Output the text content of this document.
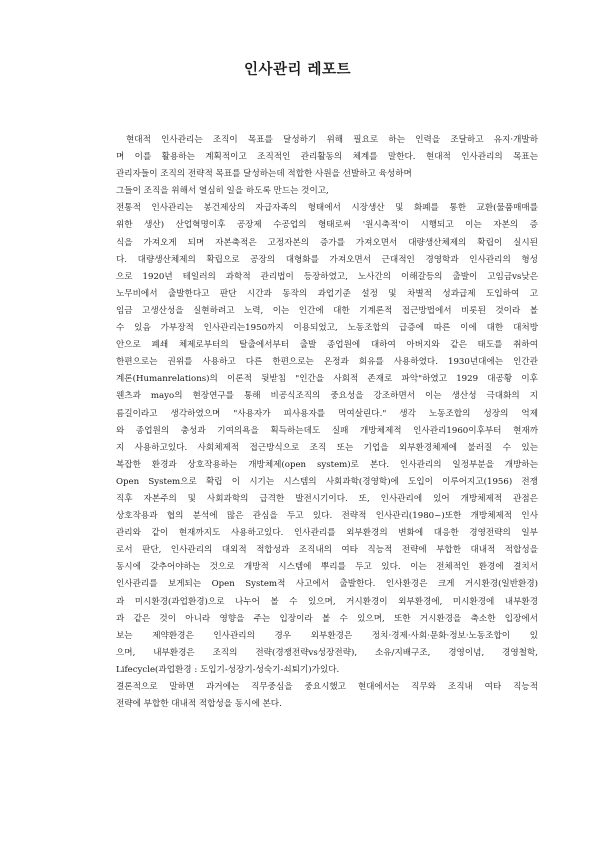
인사관리 레포트
현대적 인사관리는 조직이 목표를 달성하기 위해 필요로 하는 인력을 조달하고 유지·개발하
며 이를 활용하는 계획적이고 조직적인 관리활동의 체계를 말한다. 현대적 인사관리의 목표는
관리자들이 조직의 전략적 목표를 달성하는데 적합한 사원을 선발하고 육성하며
그들이 조직을 위해서 열심히 일을 하도록 만드는 것이고,
전통적 인사관리는 봉건제상의 자급자족의 형태에서 시장생산 및 화폐를 통한 교환(물품매매를
위한 생산) 산업혁명이후 공장제 수공업의 형태로써 '원시축적'이 시행되고 이는 자본의 증
식을 가져오게 되며 자본축적은 고정자본의 증가를 가져오면서 대량생산체제의 확립이 실시된
다. 대량생산체제의 확립으로 공장의 대형화를 가져오면서 근대적인 경영학과 인사관리의 형성
으로 1920년 테일러의 과학적 관리법이 등장하였고, 노사간의 이해갈등의 출발이 고임금vs낮은
노무비에서 출발한다고 판단 시간과 동작의 과업기준 설정 및 차별적 성과급제 도입하여 고
임금 고생산성을 실현하려고 노력, 이는 인간에 대한 기계론적 접근방법에서 비롯된 것이라 볼
수 있음 가부장적 인사관리는1950까지 이용되었고, 노동조합의 급증에 따른 이에 대한 대처방
안으로 폐쇄 체제로부터의 탈출에서부터 출발 종업원에 대하여 아버지와 같은 태도를 취하여
한편으로는 권위를 사용하고 다른 한편으로는 온정과 회유를 사용하였다. 1930년대에는 인간관
계론(Humanrelations)의 이론적 뒷받침 "인간을 사회적 존재로 파악"하였고 1929 대공황 이후
웬츠과 mayo의 현장연구를 통해 비공식조직의 중요성을 강조하면서 이는 생산성 극대화의 지
름길이라고 생각하였으며 "사용자가 피사용자를 먹여살린다." 생각 노동조합의 성장의 억제
와 종업원의 충성과 기여의욕을 획득하는데도 실패 개방체제적 인사관리1960이후부터 현재까
지 사용하고있다. 사회체제적 접근방식으로 조직 또는 기업을 외부환경체제에 불러질 수 있는
복잡한 환경과 상호작용하는 개방체제(open system)로 본다. 인사관리의 일정부분을 개방하는
Open System으로 확립 이 시기는 시스템의 사회과학(경영학)에 도입이 이루어지고(1956) 전쟁
직후 자본주의 및 사회과학의 급격한 발전시기이다. 또, 인사관리에 있어 개방체제적 관점은
상호작용과 협의 분석에 많은 관심을 두고 있다. 전략적 인사관리(1980~)또한 개방체제적 인사
관리와 같이 현재까지도 사용하고있다. 인사관리를 외부환경의 변화에 대응한 경영전략의 일부
로서 판단, 인사관리의 대외적 적합성과 조직내의 여타 직능적 전략에 부합한 대내적 적합성을
동시에 갖추어야하는 것으로 개방적 시스템에 뿌리를 두고 있다. 이는 전체적인 환경에 결치서
인사관리를 보게되는 Open System적 사고에서 출발한다. 인사환경은 크게 거시환경(일반환경)
과 미시환경(과업환경)으로 나누어 볼 수 있으며, 거시환경이 외부환경에, 미시환경에 내부환경
과 같은 것이 아니라 영향을 주는 입장이라 볼 수 있으며, 또한 거시환경을 축소한 입장에서
보는 제약환경은 인사관리의 경우 외부환경은 정치·경제·사회·문화·정보·노동조합이 있
으며, 내부환경은 조직의 전략(경쟁전략vs성장전략), 소유/지배구조, 경영이념, 경영철학,
Lifecycle(과업환경 : 도입기-성장기-성숙기-쇠퇴기)가있다.
결론적으로 말하면 과거에는 직무중심을 중요시했고 현대에서는 직무와 조직내 여타 직능적
전략에 부합한 대내적 적합성을 동시에 본다.
